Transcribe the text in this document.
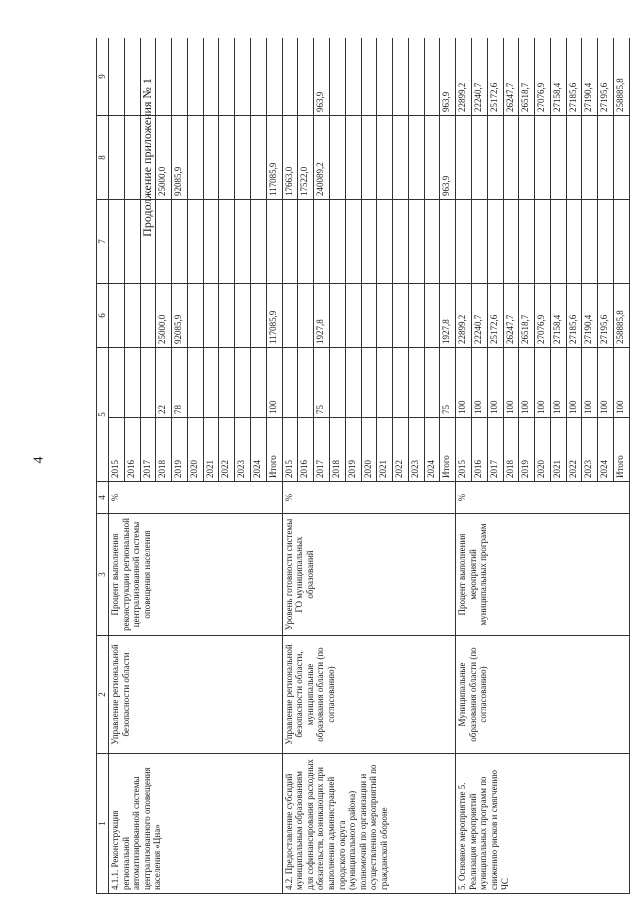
4
Продолжение приложения № 1
1	2	3	4	5		6	7	8	9	
4.1.1. Реконструкция региональной автоматизированной системы централизованного оповещения населения «Цна»	Управление региональной безопасности области	Процент выполнения реконструкции региональной централизованной системы оповещения населения	%	2015						
				2016						
				2017						
				2018	22	25000,0		25000,0		
				2019	78	92085,9		92085,9		
				2020						
				2021						
				2022						
				2023						
				2024						
				Итого	100	117085,9		117085,9		
4.2. Предоставление субсидий муниципальным образованиям для софинансирования расходных обязательств, возникающих при выполнении администрацией городского округа (муниципального района) полномочий по организации и осуществлению мероприятий по гражданской обороне	Управление региональной безопасности области, муниципальные образования области (по согласованию)	Уровень готовности системы ГО муниципальных образований	%	2015				17663,0		
				2016				17522,0		
				2017	75	1927,8		240089,2	963,9	
				2018						
				2019						
				2020						
				2021						
				2022						
				2023						
				2024						
				Итого	75	1927,8		963,9	963,9	
5. Основное мероприятие 5. Реализация мероприятий муниципальных программ по снижению рисков и смягчению ЧС	Муниципальные образования области (по согласованию)	Процент выполнения мероприятий муниципальных программ	%	2015	100	22899,2			22899,2	
				2016	100	22240,7			22240,7	
				2017	100	25172,6			25172,6	
				2018	100	26247,7			26247,7	
				2019	100	26518,7			26518,7	
				2020	100	27076,9			27076,9	
				2021	100	27158,4			27158,4	
				2022	100	27185,6			27185,6	
				2023	100	27190,4			27190,4	
				2024	100	27195,6			27195,6	
				Итого	100	258885,8			258885,8	
